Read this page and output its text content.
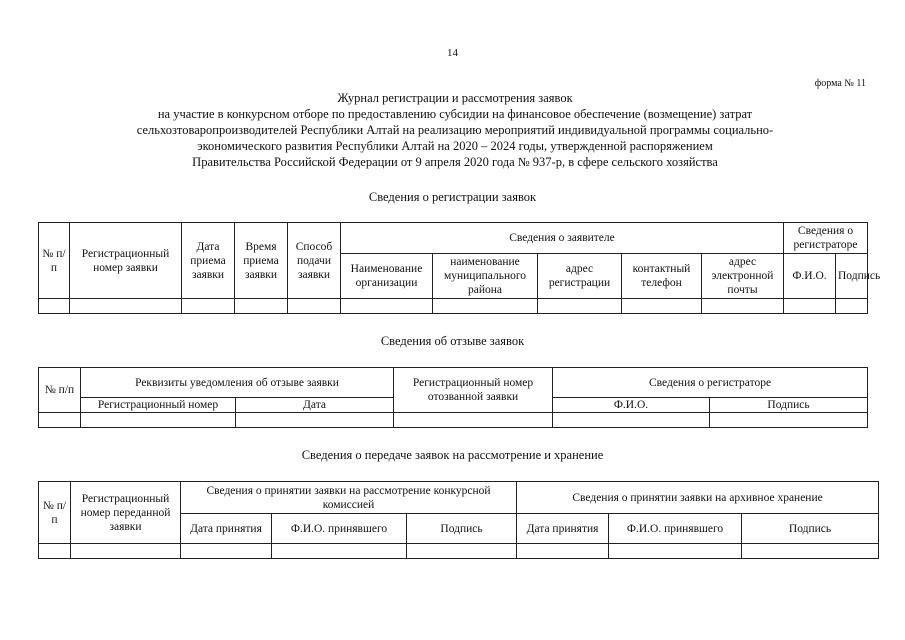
14
форма № 11
Журнал регистрации и рассмотрения заявок
на участие в конкурсном отборе по предоставлению субсидии на финансовое обеспечение (возмещение) затрат
сельхозтоваропроизводителей Республики Алтай на реализацию мероприятий индивидуальной программы социально-
экономического развития Республики Алтай на 2020 – 2024 годы, утвержденной распоряжением
Правительства Российской Федерации от 9 апреля 2020 года № 937-р, в сфере сельского хозяйства
Сведения о регистрации заявок
№ п/п	Регистрационный номер заявки	Дата приема заявки	Время приема заявки	Способ подачи заявки	Сведения о заявителе					Сведения о регистраторе	
					Наименование организации	наименование муниципального района	адрес регистрации	контактный телефон	адрес электронной почты	Ф.И.О.	Подпись

Сведения об отзыве заявок
№ п/п	Реквизиты уведомления об отзыве заявки		Регистрационный номер отозванной заявки	Сведения о регистраторе	
	Регистрационный номер	Дата		Ф.И.О.	Подпись

Сведения о передаче заявок на рассмотрение и хранение
№ п/п	Регистрационный номер переданной заявки	Сведения о принятии заявки на рассмотрение конкурсной комиссией			Сведения о принятии заявки на архивное хранение		
		Дата принятия	Ф.И.О. принявшего	Подпись	Дата принятия	Ф.И.О. принявшего	Подпись
